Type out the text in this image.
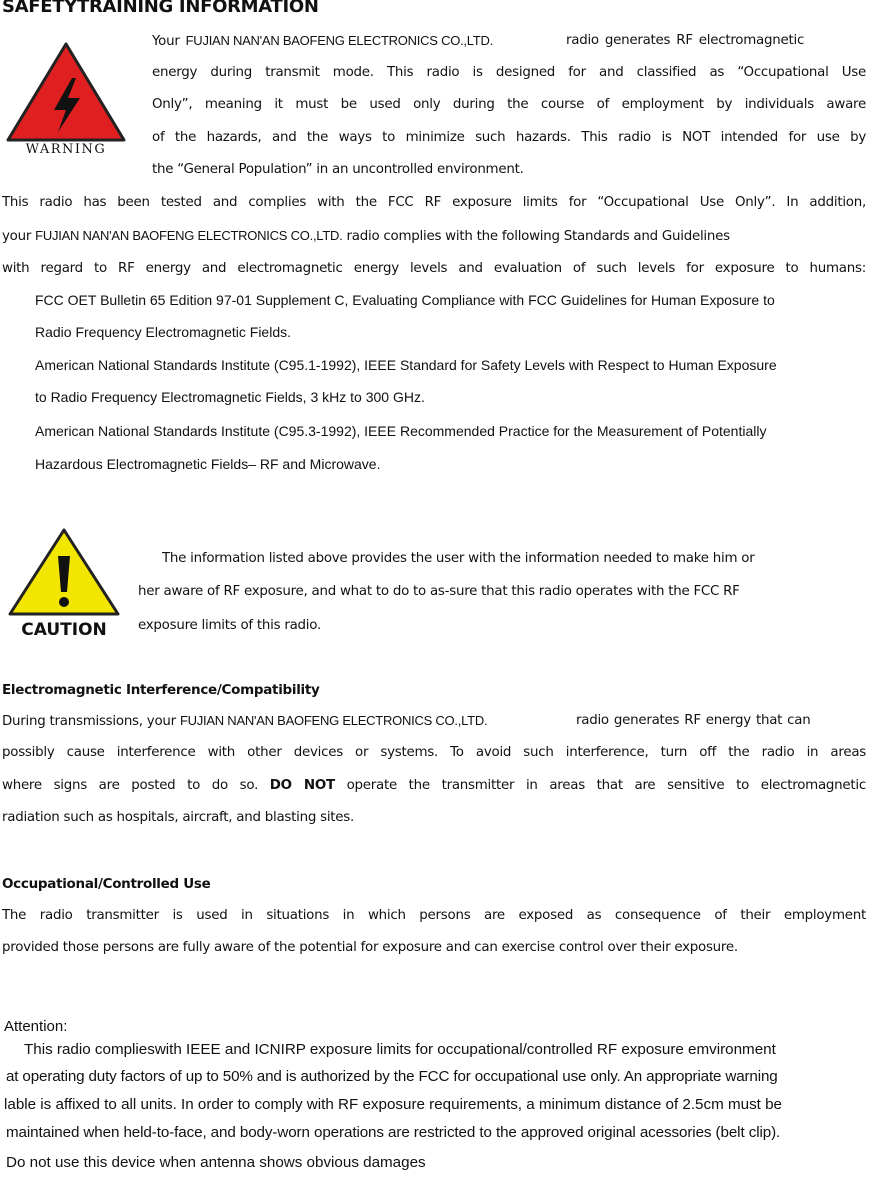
SAFETYTRAINING INFORMATION
WARNING
Your FUJIAN NAN'AN BAOFENG ELECTRONICS CO.,LTD.	radio generates RF electromagnetic
energy during transmit mode. This radio is designed for and classified as “Occupational Use
Only”, meaning it must be used only during the course of employment by individuals aware
of the hazards, and the ways to minimize such hazards. This radio is NOT intended for use by
the “General Population” in an uncontrolled environment.
This radio has been tested and complies with the FCC RF exposure limits for “Occupational Use Only”. In addition,
your FUJIAN NAN'AN BAOFENG ELECTRONICS CO.,LTD. radio complies with the following Standards and Guidelines
with regard to RF energy and electromagnetic energy levels and evaluation of such levels for exposure to humans:
FCC OET Bulletin 65 Edition 97-01 Supplement C, Evaluating Compliance with FCC Guidelines for Human Exposure to
Radio Frequency Electromagnetic Fields.
American National Standards Institute (C95.1-1992), IEEE Standard for Safety Levels with Respect to Human Exposure
to Radio Frequency Electromagnetic Fields, 3 kHz to 300 GHz.
American National Standards Institute (C95.3-1992), IEEE Recommended Practice for the Measurement of Potentially
Hazardous Electromagnetic Fields– RF and Microwave.
CAUTION
The information listed above provides the user with the information needed to make him or
her aware of RF exposure, and what to do to as-sure that this radio operates with the FCC RF
exposure limits of this radio.
Electromagnetic Interference/Compatibility
During transmissions, your FUJIAN NAN'AN BAOFENG ELECTRONICS CO.,LTD.	radio generates RF energy that can
possibly cause interference with other devices or systems. To avoid such interference, turn off the radio in areas
where signs are posted to do so. DO NOT operate the transmitter in areas that are sensitive to electromagnetic
radiation such as hospitals, aircraft, and blasting sites.
Occupational/Controlled Use
The radio transmitter is used in situations in which persons are exposed as consequence of their employment
provided those persons are fully aware of the potential for exposure and can exercise control over their exposure.
Attention:
This radio complieswith IEEE and ICNIRP exposure limits for occupational/controlled RF exposure emvironment
at operating duty factors of up to 50% and is authorized by the FCC for occupational use only. An appropriate warning
lable is affixed to all units. In order to comply with RF exposure requirements, a minimum distance of 2.5cm must be
maintained when held-to-face, and body-worn operations are restricted to the approved original acessories (belt clip).
Do not use this device when antenna shows obvious damages
